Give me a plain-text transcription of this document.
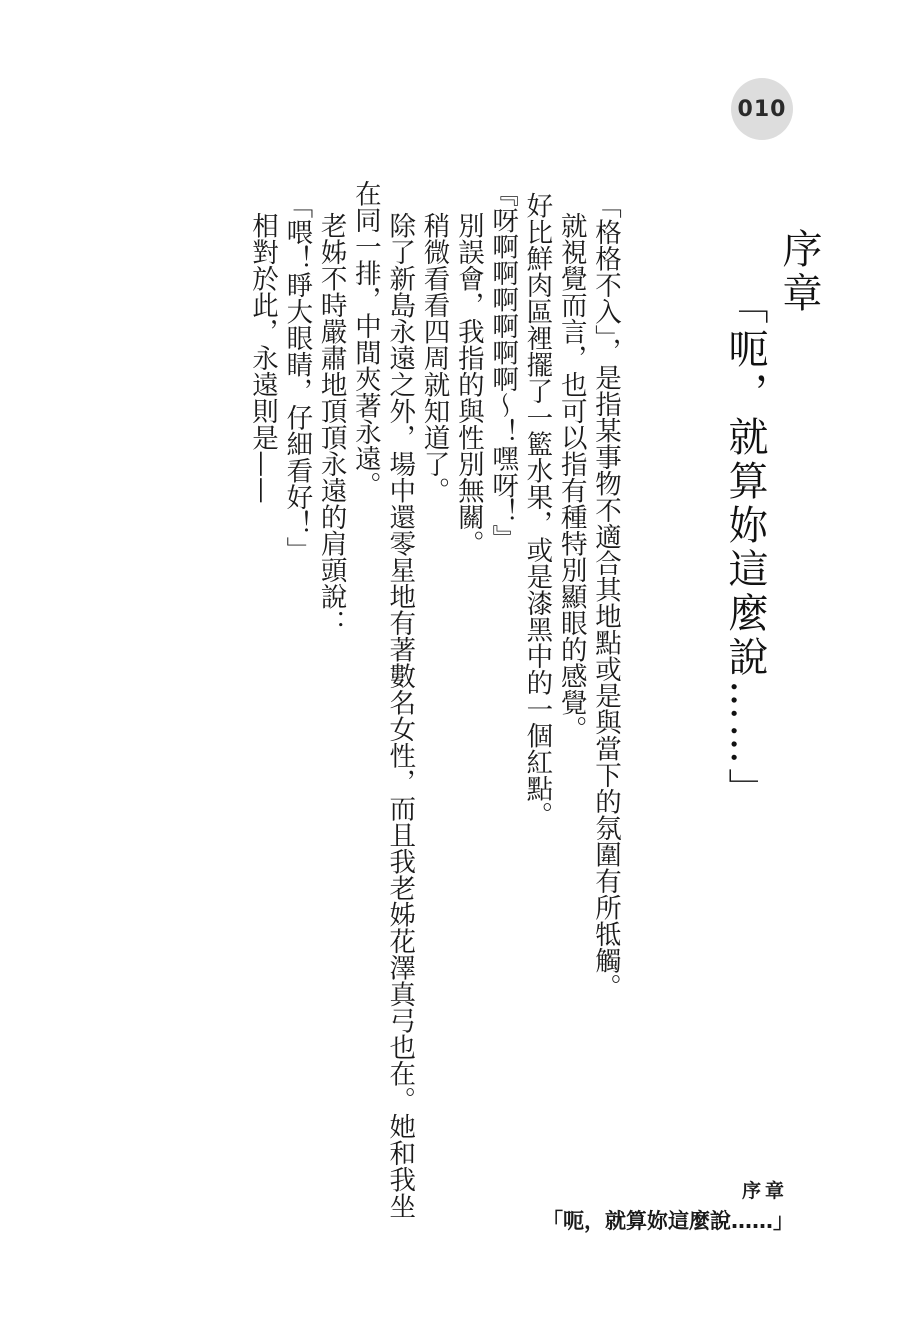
010
序章
「呃，就算妳這麼說……」

「格格不入」，是指某事物不適合其地點或是與當下的氛圍有所牴觸。

就視覺而言，也可以指有種特別顯眼的感覺。

好比鮮肉區裡擺了一籃水果，或是漆黑中的一個紅點。

『呀啊啊啊啊啊啊～！嘿呀！』

別誤會，我指的與性別無關。

稍微看看四周就知道了。

除了新島永遠之外，場中還零星地有著數名女性，而且我老姊花澤真弓也在。她和我坐

在同一排，中間夾著永遠。

老姊不時嚴肅地頂頂永遠的肩頭說：

「喂！睜大眼睛，仔細看好！」

相對於此，永遠則是——

序章
「呃，就算妳這麼說……」
